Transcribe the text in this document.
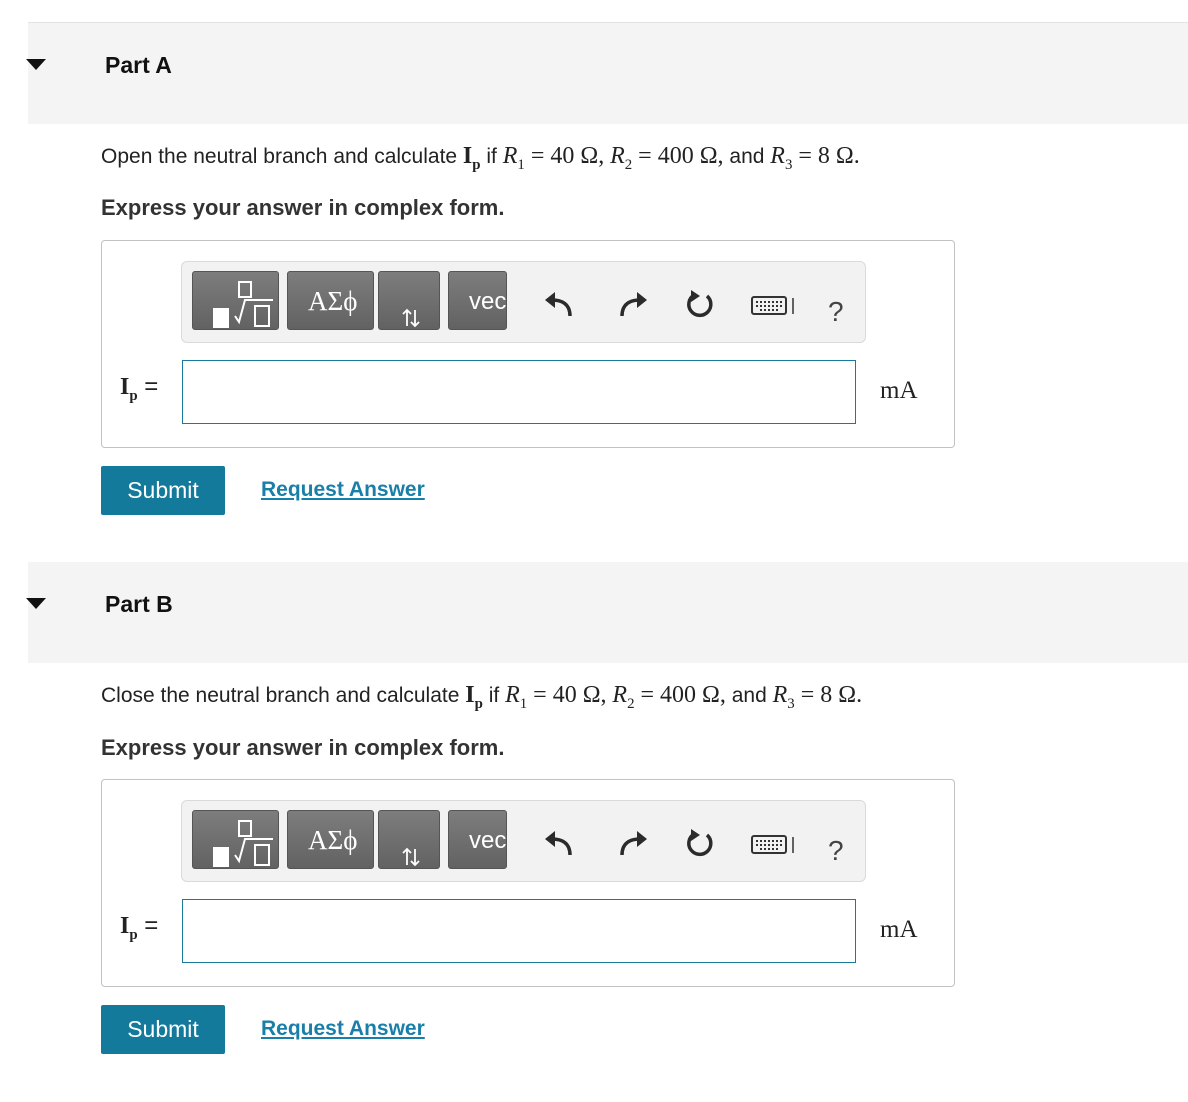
Part A
Open the neutral branch and calculate $I_p$ if $R_1 = 40$ Ω, $R_2 = 400$ Ω, and $R_3 = 8$ Ω.
Express your answer in complex form.
ΑΣϕ	vec	?
$I_p$ =	mA
Submit	Request Answer
Part B
Close the neutral branch and calculate $I_p$ if $R_1 = 40$ Ω, $R_2 = 400$ Ω, and $R_3 = 8$ Ω.
Express your answer in complex form.
ΑΣϕ	vec	?
$I_p$ =	mA
Submit	Request Answer
